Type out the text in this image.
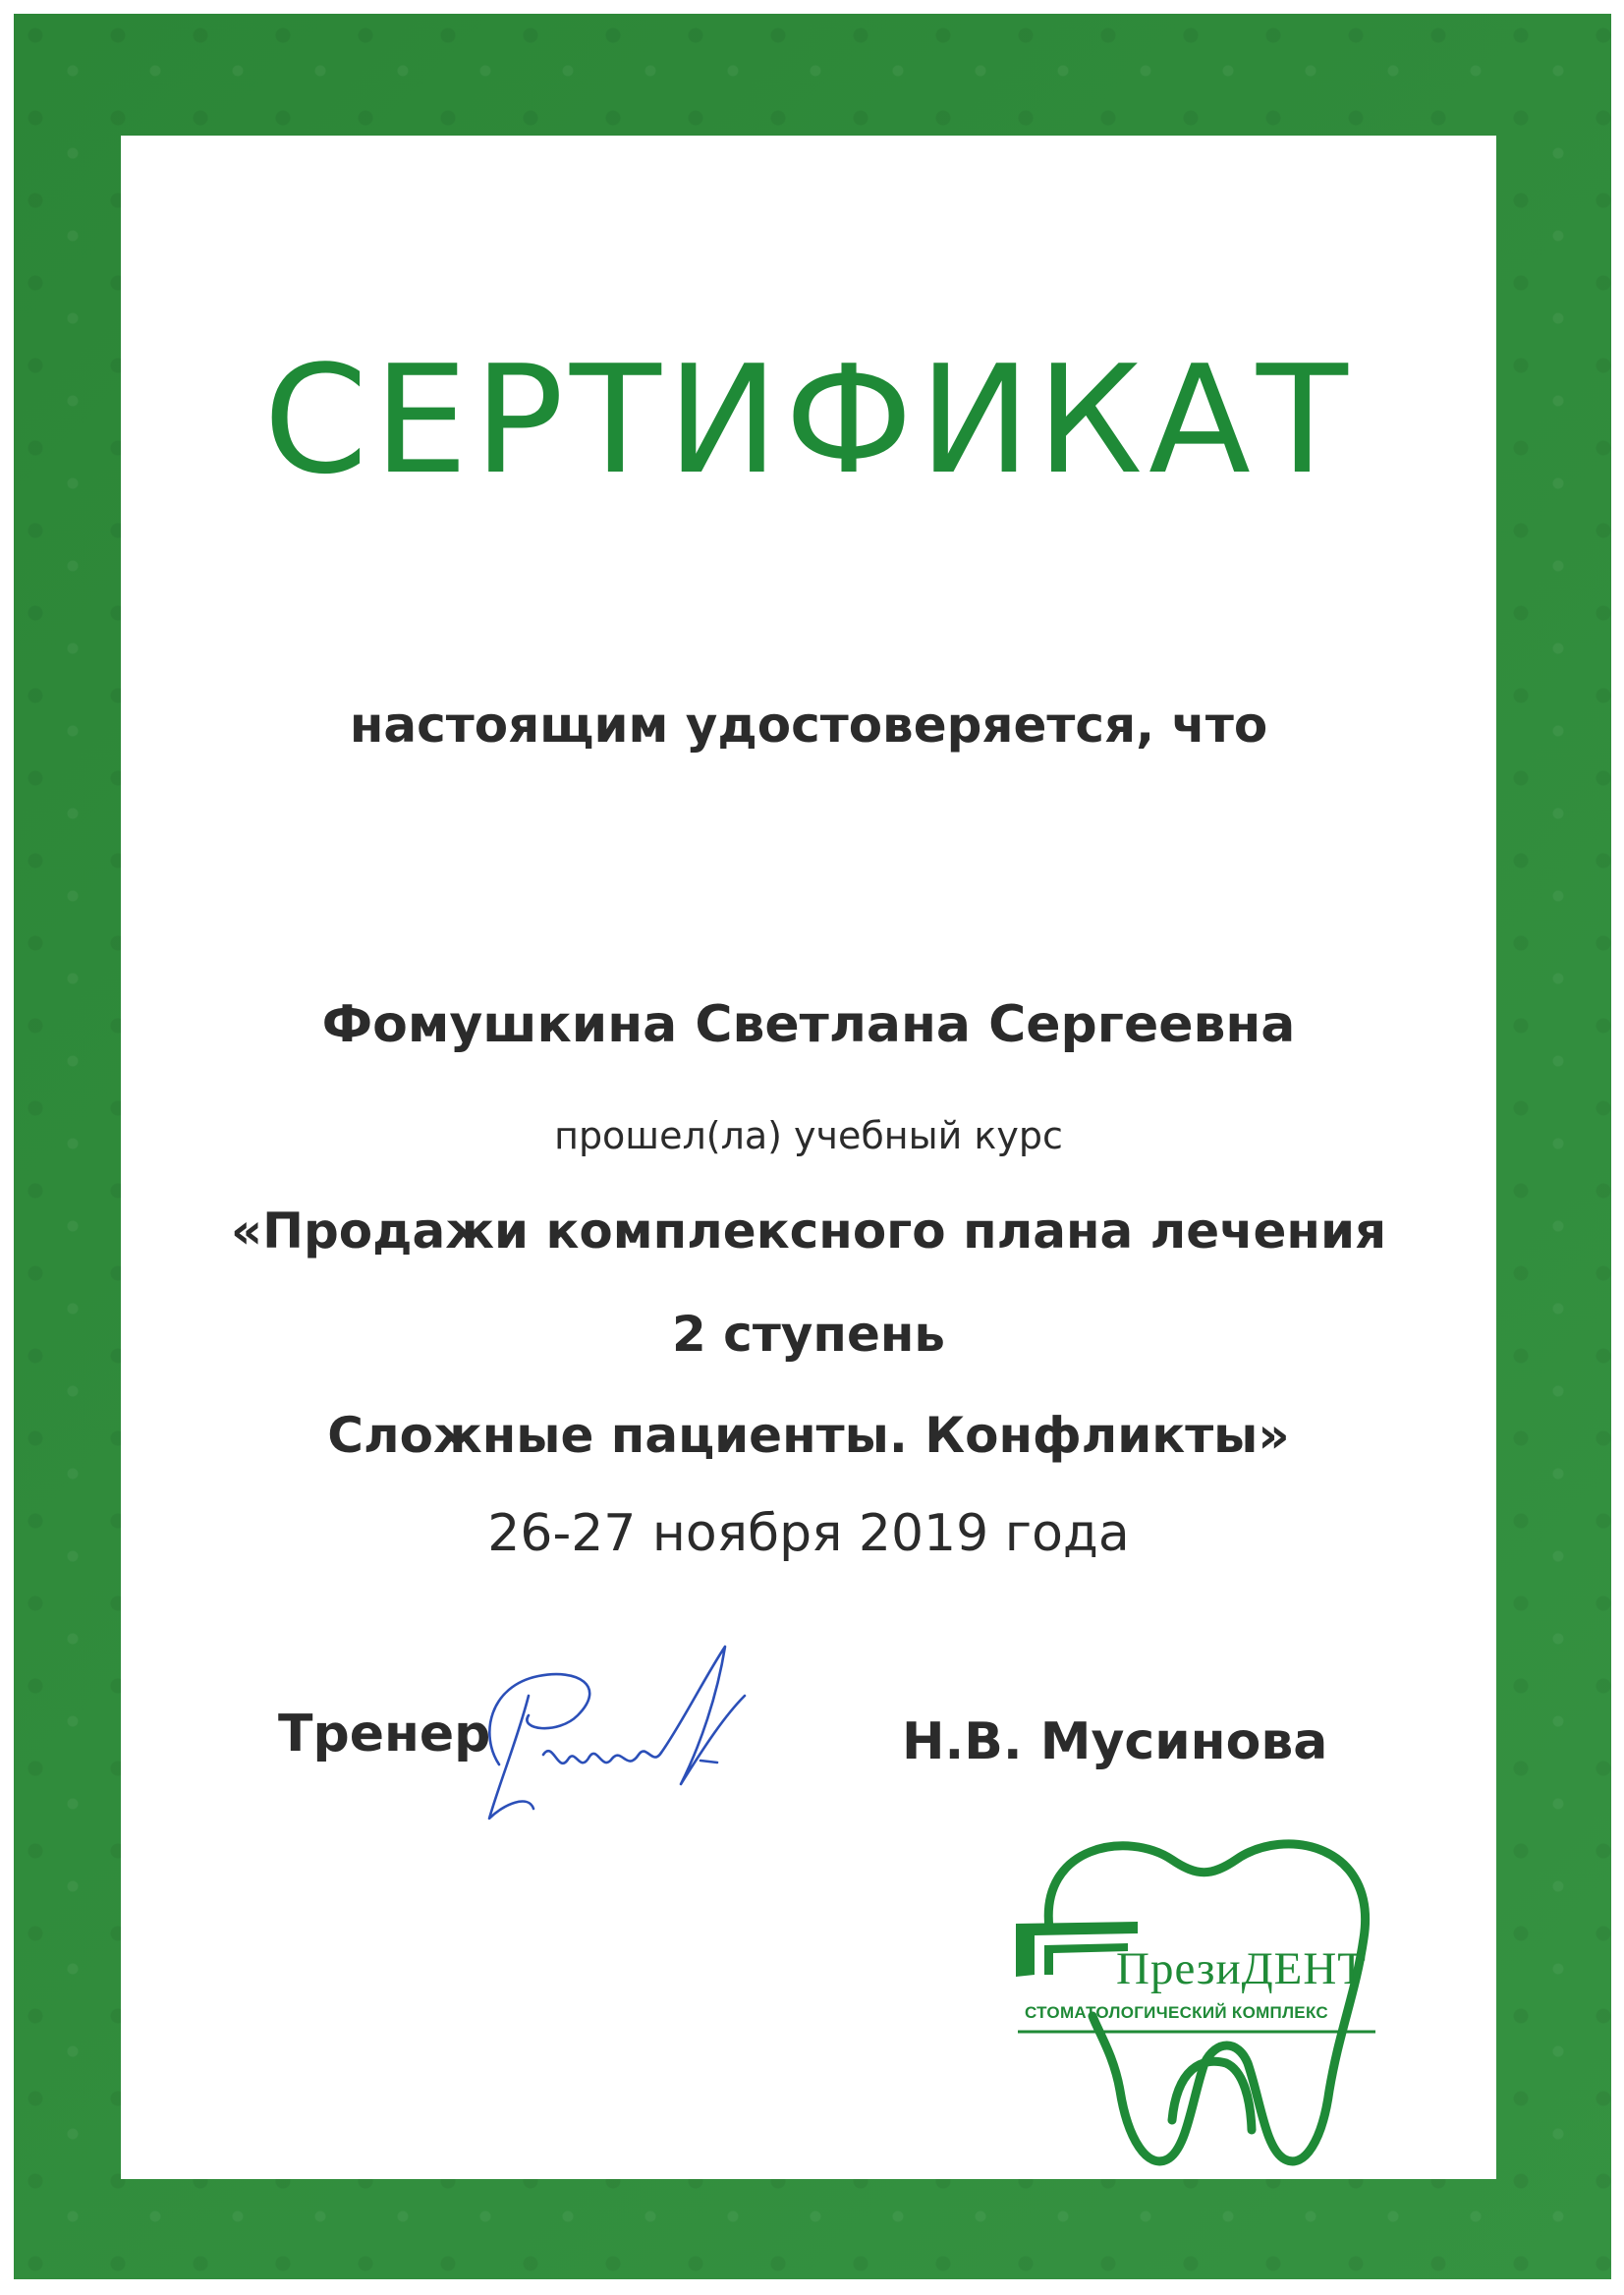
СЕРТИФИКАТ
настоящим удостоверяется, что
Фомушкина Светлана Сергеевна
прошел(ла) учебный курс
«Продажи комплексного плана лечения
2 ступень
Сложные пациенты. Конфликты»
26-27 ноября 2019 года
Тренер	Н.В. Мусинова
ПрезиДЕНТ
СТОМАТОЛОГИЧЕСКИЙ КОМПЛЕКС
